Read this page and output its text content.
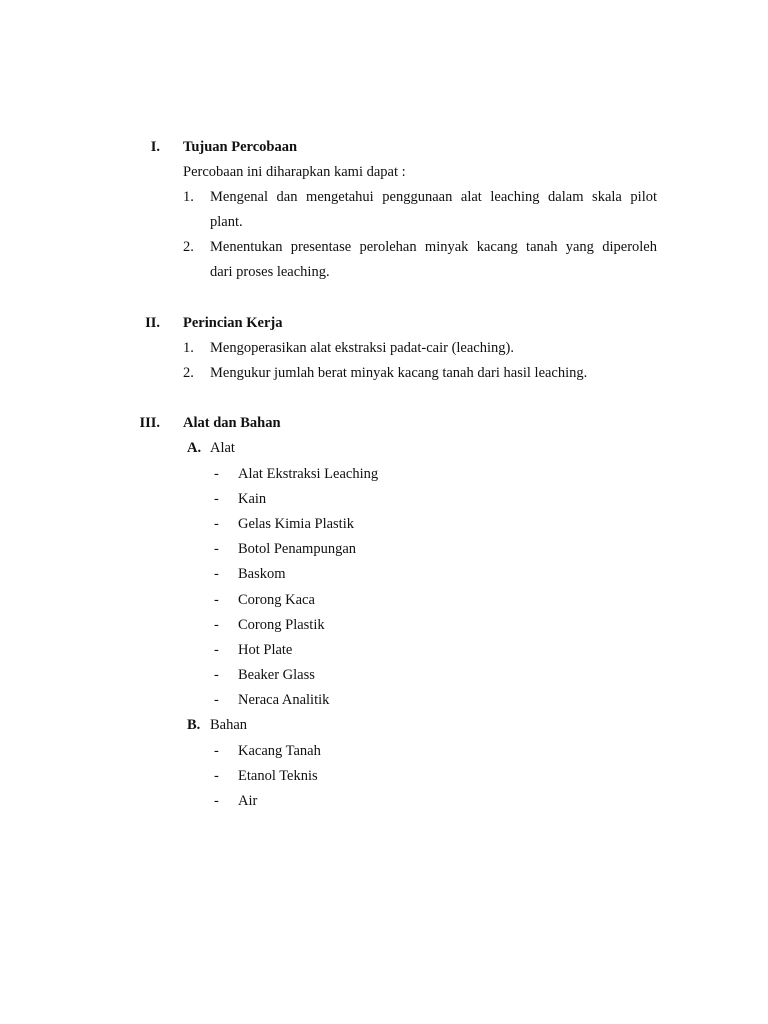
I. Tujuan Percobaan
Percobaan ini diharapkan kami dapat :
1. Mengenal dan mengetahui penggunaan alat leaching dalam skala pilot
plant.
2. Menentukan presentase perolehan minyak kacang tanah yang diperoleh
dari proses leaching.
II. Perincian Kerja
1. Mengoperasikan alat ekstraksi padat-cair (leaching).
2. Mengukur jumlah berat minyak kacang tanah dari hasil leaching.
III. Alat dan Bahan
A. Alat
- Alat Ekstraksi Leaching
- Kain
- Gelas Kimia Plastik
- Botol Penampungan
- Baskom
- Corong Kaca
- Corong Plastik
- Hot Plate
- Beaker Glass
- Neraca Analitik
B. Bahan
- Kacang Tanah
- Etanol Teknis
- Air
